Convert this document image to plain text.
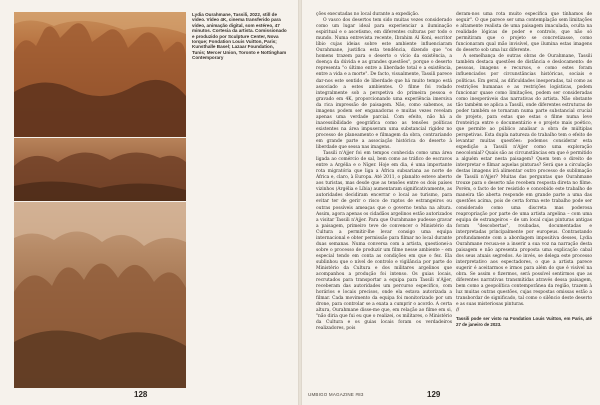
Lydia Ourahmane, Tassili, 2022, still de vídeo. Vídeo 4K, cinema transferido para vídeo, animação digital, som estéreo, 47 minutos. Cortesia da artista. Comissionado e produzido por Sculpture Center, Nova Iorque; Fondation Louis Vuitton, Paris; Kunsthalle Basel; Lazaar Foundation, Tunis; Mercer Union, Toronto e Nottingham Contemporary
128

ções executadas no local durante a expedição.

O vasco dos desertos tem sido muitas vezes considerado como um lugar ideal para experienciar a iluminação espiritual e o ascetismo, em diferentes culturas por todo o mundo. Numa entrevista recente, Ibrahim Al Koni, escritor líbio cujas ideias sobre este ambiente influenciaram Ourahmane, justifica esta tendência, dizendo que "os homens trazem para o deserto o vício da existência, a doença da dúvida e as grandes questões", porque o deserto representa "o último entre a liberdade total e a existência, entre a vida e a morte". De facto, visualmente, Tassili parece dar-nos este sentido de liberdade que há muito tempo está associado a estes ambientes. O filme foi rodado integralmente sob a perspetiva do primeira pessoa e gravado em 4K, proporcionando uma experiência imersiva da rica impressão de paisagem. Não, como sabemos, as imagens podem ser enganadoras e muitas vezes revelam apenas uma verdade parcial. Com efeito, não há a inacessibilidade geográfica como as tensões políticas existentes na área impuseram uma substancial rigidez no processo de planeamento e filmagem da obra, contrariando em grande parte a associação histórica do deserto à liberdade que sessa nas imagens.

Tassili n'Ajjer foi em tempos conhecida como uma área ligada ao comércio de sal, bem como ao tráfico de escravos entre a Argélia e o Níger. Hoje em dia, é uma importante rota migratória que liga a África subsariana ao norte de África e, claro, à Europa. Até 2011, o planalto esteve aberto aos turistas, mas desde que as tensões entre os dois países vizinhos (Argélia e Líbia) aumentaram significativamente, as autoridades decidiram encerrar o local ao turismo, para evitar ter de gerir o risco de raptos de estrangeiros ou outras possíveis ameaças que o governo tenha na altura. Assim, agora apenas os cidadãos argelinos estão autorizados a visitar Tassili n'Ajjer. Para que Ourahmane pudesse gravar a paisagem, primeiro teve de convencer o Ministério da Cultura a permitir-lhe levar consigo uma equipa internacional e obter permissão para filmar no local durante duas semanas. Numa conversa com a artista, questionei-a sobre o processo de produzir um filme nesse ambiente – em especial tendo em conta as condições em que o fez. Ela sublinhou que o nível de controlo e vigilância por parte do Ministério da Cultura e dos militares argelinos que acompanhou a produção foi intenso. Os guias locais, recrutados para transportar a equipa para Tassili n'Ajjer, receberam das autoridades um percurso específico, com horários e locais precisos, onde ela estava autorizada a filmar. Cada movimento da equipa foi monitorizado por um drone, para controlar se a exata a cumprir o acordo. A certa altura, Ourahmane disse-me que, em relação ao filme em si, "não diria que fui eu que o realizei, os militares, o Ministério da Cultura e os guias locais foram os verdadeiros realizadores, pois

deram-nos uma rota muito específica que tínhamos de seguir". O que parece ser uma contemplação sem limitações e altamente realista de uma paisagem imaculada, oculta na realidade lógicas de poder e controlo, que não só permitiram que o projeto se concretizasse, como funcionaram qual mão invisível, que ilumina estas imagens do deserto sob uma luz diferente.

A semelhança de outras obras de Ourahmane, Tassili também destaca questões de distância e deslocamento: de pessoas, imagens e recursos, e como estes foram influenciados por circunstâncias históricas, sociais e políticas. Em geral, as dificuldades inesperadas, tal como as restrições humanas e as restrições logísticas, podem funcionar quase como limitações, podem ser consideradas como inesperáveis das narrativas do artista. Não obstante tão também se aplica a Tassili, onde diferentes estruturas de poder também se tornaram numa parte substancial crucial do projeto, para estas que estas o filme numa leve fronteiriça entre o documentário e o projeto mais poético, que permite ao público analisar a obra de múltiplas perspetivas. Esta dupla natureza do trabalho tem o efeito de levantar muitas questões: podemos considerar esta expedição a Tassili n'Ajjer como uma exploração neocolonial? Quais são as circunstâncias em que é permitido a alguém estar nesta paisagem? Quem tem o direito de interpretar e filmar aquelas pinturas? Será que a circulação destas imagens irá alimentar outro processo de sublimação de Tassili n'Ajjer? Muitas das perguntas que Ourahmane trouxe para o deserto não recebem resposta direta no filme. Porém, o facto de ter resistido e concebido este trabalho de maneira tão aberta responde em grande parte a uma das questões acima, pois de certa forma este trabalho pode ser considerado como uma discreta mas poderosa reapropriação por parte de uma artista argelina – com uma equipa de estrangeiros – de um local cujas pinturas antigas foram "descobertas", roubadas, documentadas e interpretadas principalmente por europeus. Contrastando profundamente com a abordagem impositiva desses, Lydia Ourahmane recusa-se a inserir a sua voz na narração desta paisagem e não apresenta proposta uma explicação cabal dos seus atuais segredos. Ao invés, se delega este processo interpretativo aos espectadores, o que a artista parece sugerir é aceitarmos e irmos para além do que é visível na obra. Se assim o fizermos, será possível sentirmos que as diferentes narrativas transmitidas através dessa paisagem, bem como a geopolítica contemporânea da região, trazem à luz muitas outras questões, cujas respostas omissas estão a transbordar de significado, tal como o silêncio deste deserto e as suas misteriosas pinturas.

//

Tassili pode ser visto na Fondation Louis Vuitton, em Paris, até 27 de janeiro de 2023.

UMBIGO MAGAZINE #83	129
